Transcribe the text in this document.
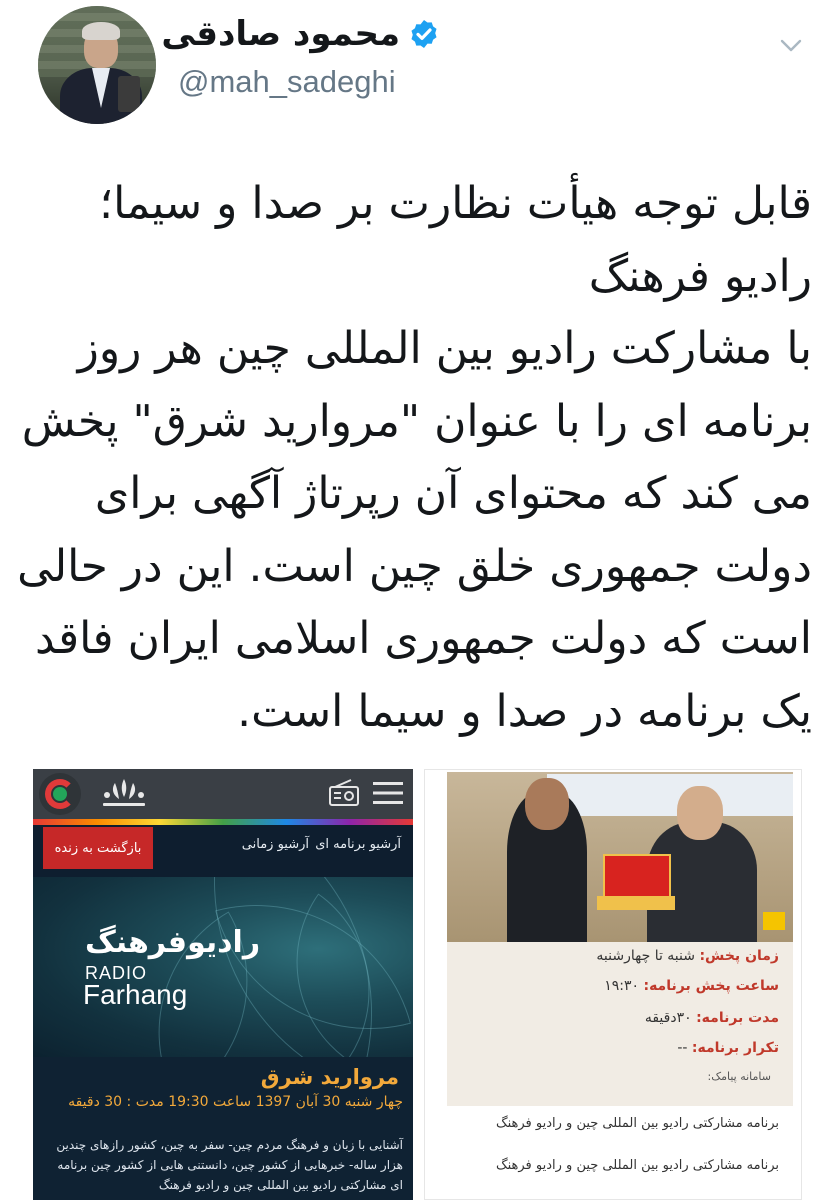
محمود صادقی
@mah_sadeghi
قابل توجه هیأت نظارت بر صدا و سیما؛
رادیو فرهنگ
با مشارکت رادیو بین المللی چین هر روز
برنامه ای را با عنوان "مروارید شرق" پخش
می کند که محتوای آن رپرتاژ آگهی برای
دولت جمهوری خلق چین است. این در حالی
است که دولت جمهوری اسلامی ایران فاقد
یک برنامه در صدا و سیما است.
بازگشت به زنده	آرشیو برنامه ای
آرشیو زمانی
رادیوفرهنگ
RADIO
Farhang
مروارید شرق
چهار شنبه 30 آبان 1397 ساعت 19:30 مدت : 30 دقیقه
آشنایی با زبان و فرهنگ مردم چین- سفر به چین، کشور رازهای چندین هزار ساله- خبرهایی از کشور چین، دانستنی هایی از کشور چین برنامه ای مشارکتی رادیو بین المللی چین و رادیو فرهنگ
زمان پخش: شنبه تا چهارشنبه
ساعت پخش برنامه: ۱۹:۳۰
مدت برنامه: ۳۰دقیقه
تکرار برنامه: --
سامانه پیامک:
برنامه مشارکتی رادیو بین المللی چین و رادیو فرهنگ
برنامه مشارکتی رادیو بین المللی چین و رادیو فرهنگ
